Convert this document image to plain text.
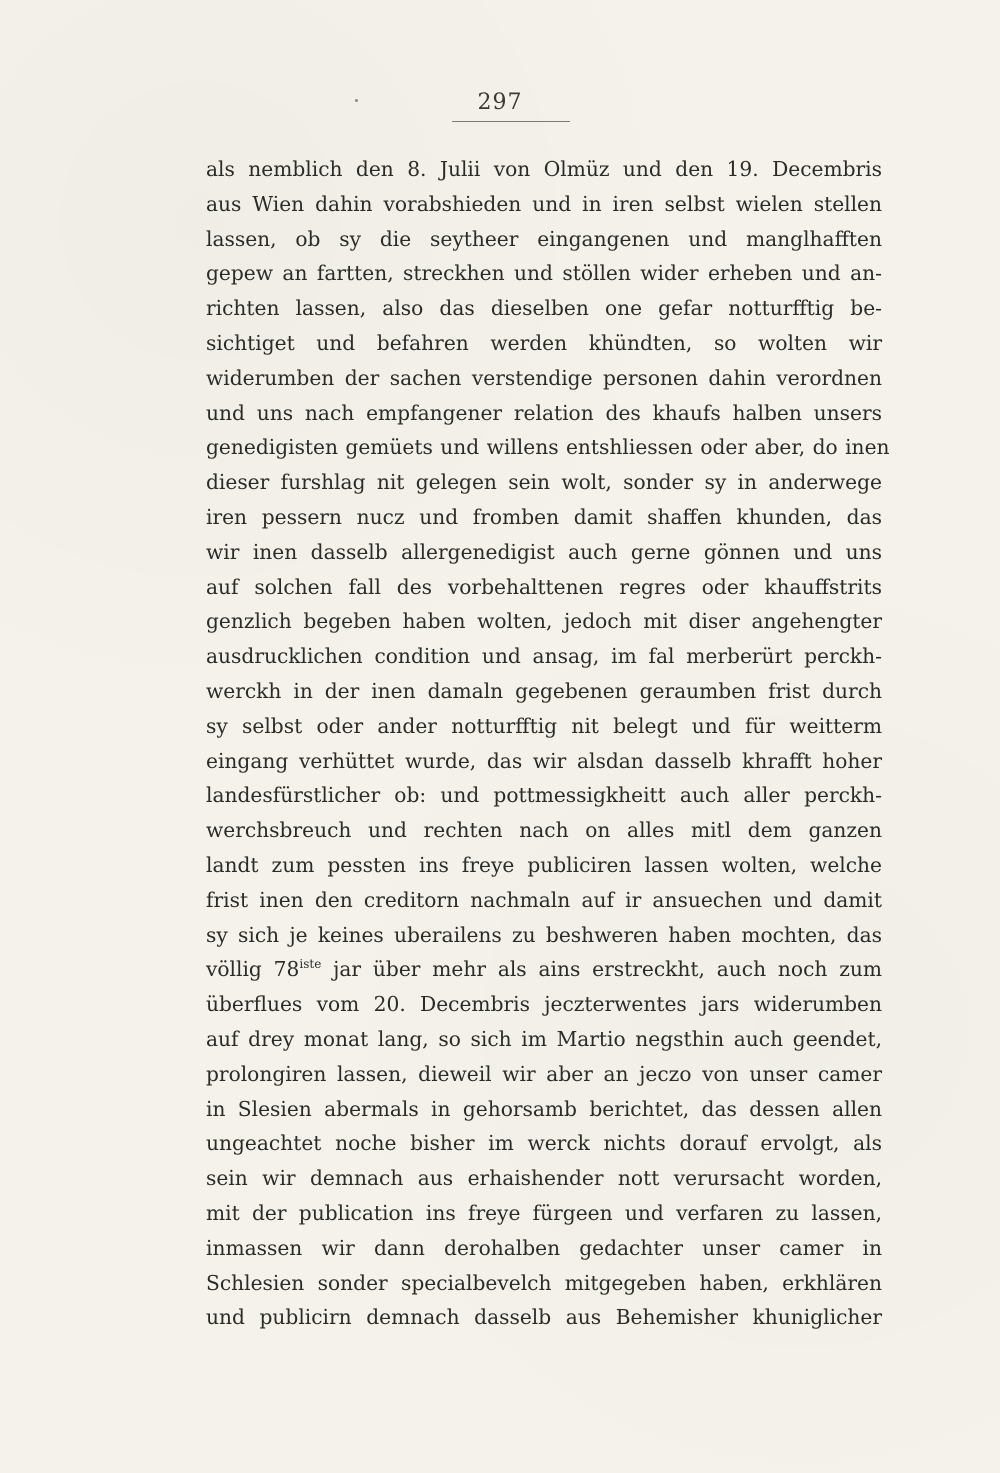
297
als nemblich den 8. Julii von Olmüz und den 19. Decembris
aus Wien dahin vorabshieden und in iren selbst wielen stellen
lassen, ob sy die seytheer eingangenen und manglhafften
gepew an fartten, streckhen und stöllen wider erheben und an-
richten lassen, also das dieselben one gefar notturfftig be-
sichtiget und befahren werden khündten, so wolten wir
widerumben der sachen verstendige personen dahin verordnen
und uns nach empfangener relation des khaufs halben unsers
genedigisten gemüets und willens entshliessen oder aber, do inen
dieser furshlag nit gelegen sein wolt, sonder sy in anderwege
iren pessern nucz und fromben damit shaffen khunden, das
wir inen dasselb allergenedigist auch gerne gönnen und uns
auf solchen fall des vorbehalttenen regres oder khauffstrits
genzlich begeben haben wolten, jedoch mit diser angehengter
ausdrucklichen condition und ansag, im fal merberürt perckh-
werckh in der inen damaln gegebenen geraumben frist durch
sy selbst oder ander notturfftig nit belegt und für weitterm
eingang verhüttet wurde, das wir alsdan dasselb khrafft hoher
landesfürstlicher ob: und pottmessigkheitt auch aller perckh-
werchsbreuch und rechten nach on alles mitl dem ganzen
landt zum pessten ins freye publiciren lassen wolten, welche
frist inen den creditorn nachmaln auf ir ansuechen und damit
sy sich je keines uberailens zu beshweren haben mochten, das
völlig $78^{iste}$ jar über mehr als ains erstreckht, auch noch zum
überflues vom 20. Decembris jeczterwentes jars widerumben
auf drey monat lang, so sich im Martio negsthin auch geendet,
prolongiren lassen, dieweil wir aber an jeczo von unser camer
in Slesien abermals in gehorsamb berichtet, das dessen allen
ungeachtet noche bisher im werck nichts dorauf ervolgt, als
sein wir demnach aus erhaishender nott verursacht worden,
mit der publication ins freye fürgeen und verfaren zu lassen,
inmassen wir dann derohalben gedachter unser camer in
Schlesien sonder specialbevelch mitgegeben haben, erkhlären
und publicirn demnach dasselb aus Behemisher khuniglicher
